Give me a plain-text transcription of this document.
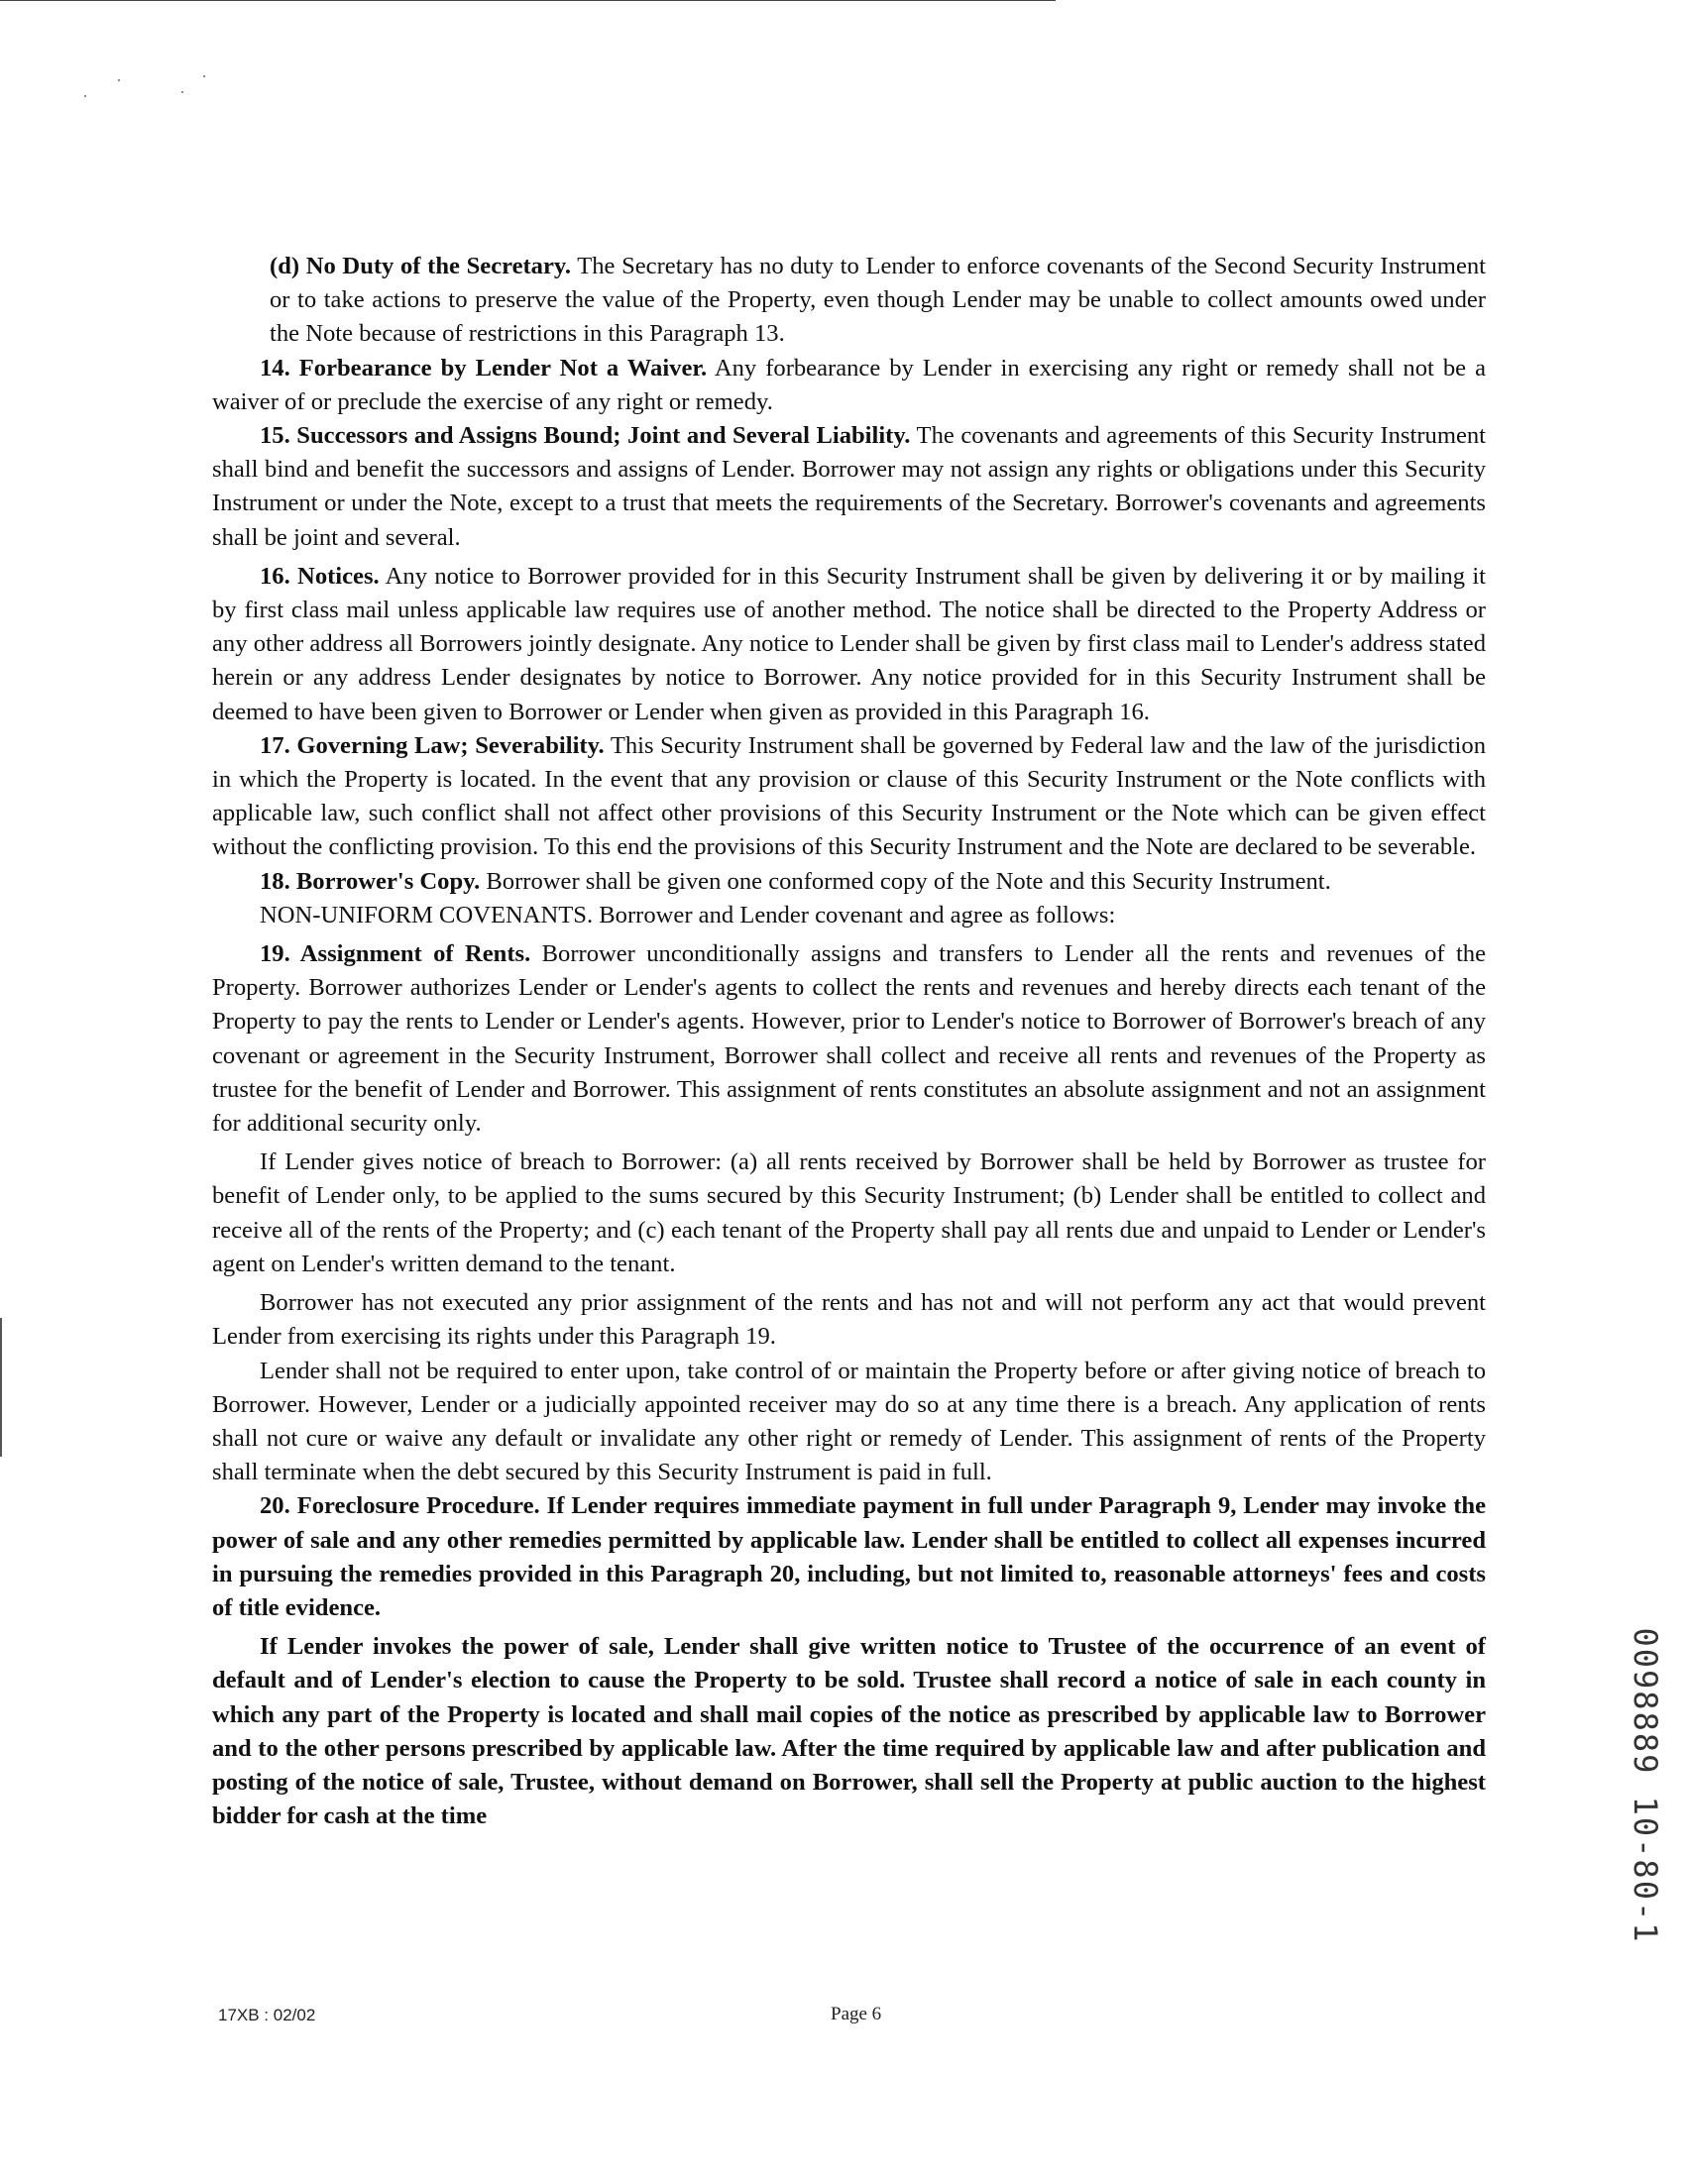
(d) No Duty of the Secretary. The Secretary has no duty to Lender to enforce covenants of the Second Security Instrument or to take actions to preserve the value of the Property, even though Lender may be unable to collect amounts owed under the Note because of restrictions in this Paragraph 13.

14. Forbearance by Lender Not a Waiver. Any forbearance by Lender in exercising any right or remedy shall not be a waiver of or preclude the exercise of any right or remedy.

15. Successors and Assigns Bound; Joint and Several Liability. The covenants and agreements of this Security Instrument shall bind and benefit the successors and assigns of Lender. Borrower may not assign any rights or obligations under this Security Instrument or under the Note, except to a trust that meets the requirements of the Secretary. Borrower's covenants and agreements shall be joint and several.

16. Notices. Any notice to Borrower provided for in this Security Instrument shall be given by delivering it or by mailing it by first class mail unless applicable law requires use of another method. The notice shall be directed to the Property Address or any other address all Borrowers jointly designate. Any notice to Lender shall be given by first class mail to Lender's address stated herein or any address Lender designates by notice to Borrower. Any notice provided for in this Security Instrument shall be deemed to have been given to Borrower or Lender when given as provided in this Paragraph 16.

17. Governing Law; Severability. This Security Instrument shall be governed by Federal law and the law of the jurisdiction in which the Property is located. In the event that any provision or clause of this Security Instrument or the Note conflicts with applicable law, such conflict shall not affect other provisions of this Security Instrument or the Note which can be given effect without the conflicting provision. To this end the provisions of this Security Instrument and the Note are declared to be severable.

18. Borrower's Copy. Borrower shall be given one conformed copy of the Note and this Security Instrument.

NON-UNIFORM COVENANTS. Borrower and Lender covenant and agree as follows:

19. Assignment of Rents. Borrower unconditionally assigns and transfers to Lender all the rents and revenues of the Property. Borrower authorizes Lender or Lender's agents to collect the rents and revenues and hereby directs each tenant of the Property to pay the rents to Lender or Lender's agents. However, prior to Lender's notice to Borrower of Borrower's breach of any covenant or agreement in the Security Instrument, Borrower shall collect and receive all rents and revenues of the Property as trustee for the benefit of Lender and Borrower. This assignment of rents constitutes an absolute assignment and not an assignment for additional security only.

If Lender gives notice of breach to Borrower: (a) all rents received by Borrower shall be held by Borrower as trustee for benefit of Lender only, to be applied to the sums secured by this Security Instrument; (b) Lender shall be entitled to collect and receive all of the rents of the Property; and (c) each tenant of the Property shall pay all rents due and unpaid to Lender or Lender's agent on Lender's written demand to the tenant.

Borrower has not executed any prior assignment of the rents and has not and will not perform any act that would prevent Lender from exercising its rights under this Paragraph 19.

Lender shall not be required to enter upon, take control of or maintain the Property before or after giving notice of breach to Borrower. However, Lender or a judicially appointed receiver may do so at any time there is a breach. Any application of rents shall not cure or waive any default or invalidate any other right or remedy of Lender. This assignment of rents of the Property shall terminate when the debt secured by this Security Instrument is paid in full.

20. Foreclosure Procedure. If Lender requires immediate payment in full under Paragraph 9, Lender may invoke the power of sale and any other remedies permitted by applicable law. Lender shall be entitled to collect all expenses incurred in pursuing the remedies provided in this Paragraph 20, including, but not limited to, reasonable attorneys' fees and costs of title evidence.

If Lender invokes the power of sale, Lender shall give written notice to Trustee of the occurrence of an event of default and of Lender's election to cause the Property to be sold. Trustee shall record a notice of sale in each county in which any part of the Property is located and shall mail copies of the notice as prescribed by applicable law to Borrower and to the other persons prescribed by applicable law. After the time required by applicable law and after publication and posting of the notice of sale, Trustee, without demand on Borrower, shall sell the Property at public auction to the highest bidder for cash at the time

17XB : 02/02	Page 6
0098889 10-80-1
